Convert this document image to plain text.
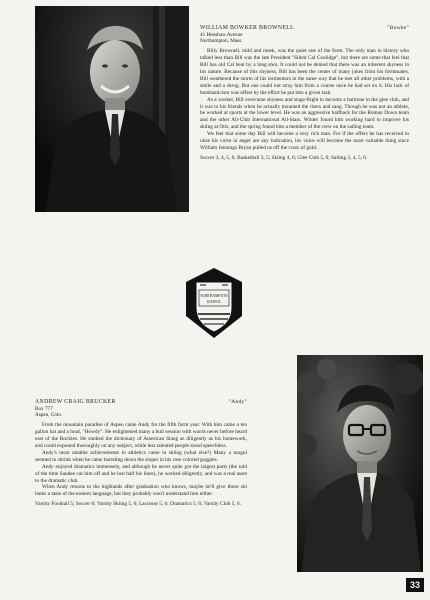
WILLIAM BOWKER BROWNELL	"Bowke"
41 Henshaw Avenue
Northampton, Mass.

Billy Brownell, mild and meek, was the quiet one of the form. The only man in history who talked less than Bill was the late President "Silent Cal Coolidge", but there are some that feel that Bill has old Cal beat by a long shot. It could not be denied that there was an inherent shyness in his nature. Because of this shyness, Bill has been the center of many jokes from his formmates. Bill weathered the storm of his tormentors in the same way that he met all other problems, with a smile and a shrug. But one could not stray him from a course once he had set on it. His lack of bombasticism was offset by the effort he put into a given task.

As a worker, Bill overcame shyness and stage-fright to become a baritone in the glee club, and it was to his friends when he actually mounted the risers and sang. Though he was not an athlete, he worked at sports at the lower level. He was an aggressive halfback for the Roman Down team and the other All-Club International All-Stars. Winter found him working hard to improve his skiing at Otis, and the spring found him a member of the crew on the sailing team.

We feel that some day Bill will become a very rich man. For if the offers he has received to raise his voice in anger are any indication, his voice will become the most valuable thing since William Jennings Bryan pulled us off the cross of gold.

Soccer 3, 4, 5, 6; Basketball 3, 5; Skiing 4, 6; Glee Club 5, 6; Sailing 3, 4, 5, 6.
NORTHAMPTON
SCHOOL
ANDREW CRAIG BRUCKER	"Andy"
Box 777
Aspen, Colo.

From the mountain paradise of Aspen came Andy for the fifth form year. With him came a ten gallon hat and a loud, "Howdy". He enlightened many a bull session with words never before heard east of the Rockies. He studied the dictionary of American Slang as diligently as his homework, and could expound thoroughly on any subject, while less talented people stood speechless.

Andy's most notable achievements in athletics came in skiing (what else?) Many a mogul seemed to shrink when he came barreling down the slopes in his rose colored goggles.

Andy enjoyed dramatics immensely, and although he never quite got the largest parts (the told of the time Sandee cut him off and he lost half his lines), he worked diligently, and was a real asset to the dramatic club.

When Andy returns to the highlands after graduation who knows, maybe he'll give those ski bums a taste of the eastern language, but they probably won't understand him either.

Varsity Football 5; Soccer 6; Varsity Skiing 5, 6; Lacrosse 5, 6; Dramatics 5, 6; Varsity Club 5, 6.
33
